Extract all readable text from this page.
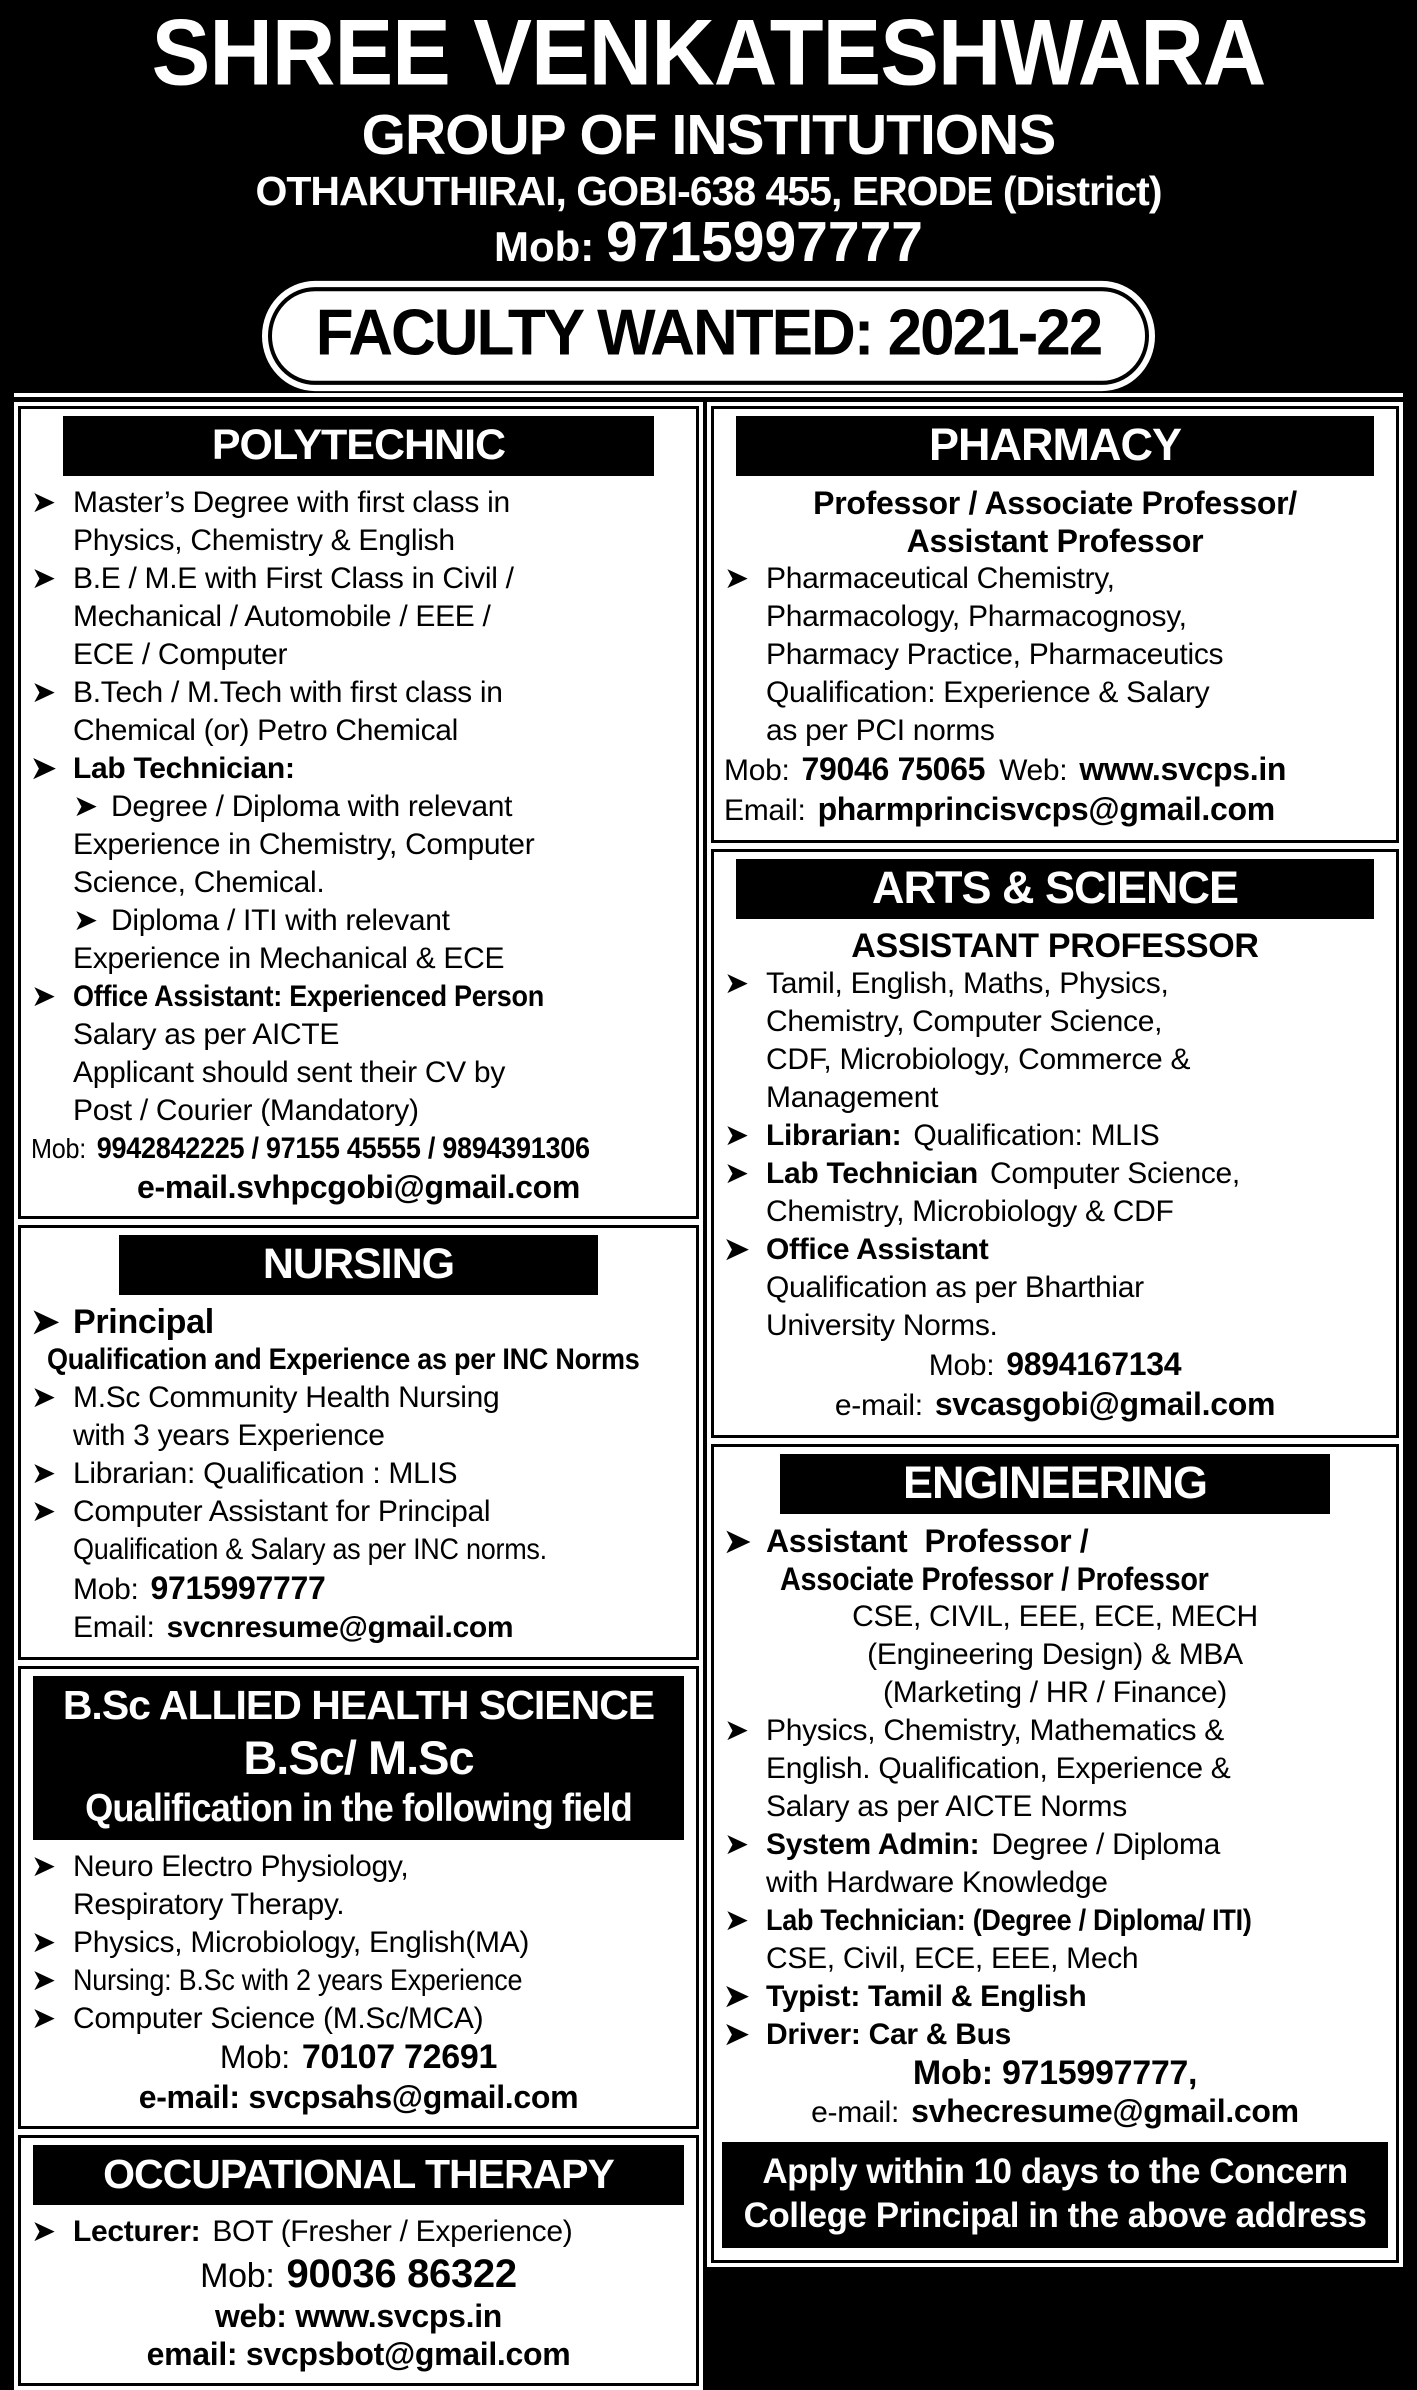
SHREE VENKATESHWARA
GROUP OF INSTITUTIONS
OTHAKUTHIRAI, GOBI-638 455, ERODE (District)
Mob: 9715997777
FACULTY WANTED: 2021-22
POLYTECHNIC
➤ Master’s Degree with first class in
Physics, Chemistry & English
➤ B.E / M.E with First Class in Civil /
Mechanical / Automobile / EEE /
ECE / Computer
➤ B.Tech / M.Tech with first class in
Chemical (or) Petro Chemical
➤ Lab Technician:
➤ Degree / Diploma with relevant
Experience in Chemistry, Computer
Science, Chemical.
➤ Diploma / ITI with relevant
Experience in Mechanical & ECE
➤ Office Assistant: Experienced Person
Salary as per AICTE
Applicant should sent their CV by
Post / Courier (Mandatory)
Mob: 9942842225 / 97155 45555 / 9894391306
e-mail.svhpcgobi@gmail.com
NURSING
➤ Principal
Qualification and Experience as per INC Norms
➤ M.Sc Community Health Nursing
with 3 years Experience
➤ Librarian: Qualification : MLIS
➤ Computer Assistant for Principal
Qualification & Salary as per INC norms.
Mob: 9715997777
Email: svcnresume@gmail.com
B.Sc ALLIED HEALTH SCIENCE
B.Sc/ M.Sc
Qualification in the following field
➤ Neuro Electro Physiology,
Respiratory Therapy.
➤ Physics, Microbiology, English(MA)
➤ Nursing: B.Sc with 2 years Experience
➤ Computer Science (M.Sc/MCA)
Mob: 70107 72691
e-mail: svcpsahs@gmail.com
OCCUPATIONAL THERAPY
➤ Lecturer: BOT (Fresher / Experience)
Mob: 90036 86322
web: www.svcps.in
email: svcpsbot@gmail.com
PHARMACY
Professor / Associate Professor/
Assistant Professor
➤ Pharmaceutical Chemistry,
Pharmacology, Pharmacognosy,
Pharmacy Practice, Pharmaceutics
Qualification: Experience & Salary
as per PCI norms
Mob: 79046 75065 Web: www.svcps.in
Email: pharmprincisvcps@gmail.com
ARTS & SCIENCE
ASSISTANT PROFESSOR
➤ Tamil, English, Maths, Physics,
Chemistry, Computer Science,
CDF, Microbiology, Commerce &
Management
➤ Librarian: Qualification: MLIS
➤ Lab Technician Computer Science,
Chemistry, Microbiology & CDF
➤ Office Assistant
Qualification as per Bharthiar
University Norms.
Mob: 9894167134
e-mail: svcasgobi@gmail.com
ENGINEERING
➤ Assistant  Professor /
Associate Professor / Professor
CSE, CIVIL, EEE, ECE, MECH
(Engineering Design) & MBA
(Marketing / HR / Finance)
➤ Physics, Chemistry, Mathematics &
English. Qualification, Experience &
Salary as per AICTE Norms
➤ System Admin: Degree / Diploma
with Hardware Knowledge
➤ Lab Technician: (Degree / Diploma/ ITI)
CSE, Civil, ECE, EEE, Mech
➤ Typist: Tamil & English
➤ Driver: Car & Bus
Mob: 9715997777,
e-mail: svhecresume@gmail.com
Apply within 10 days to the Concern
College Principal in the above address
